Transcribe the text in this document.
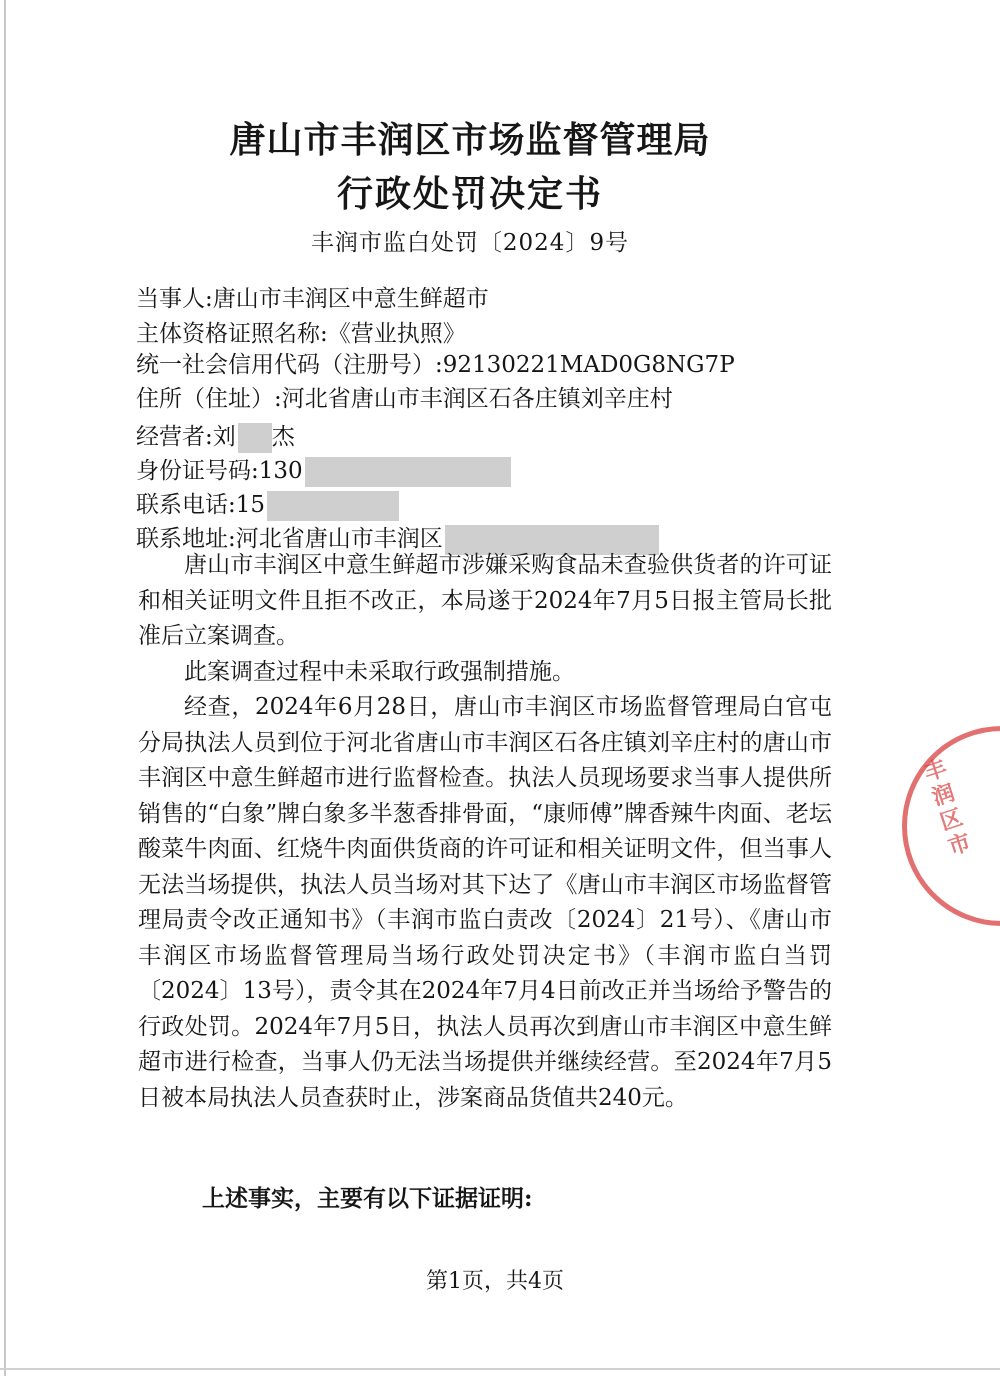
唐山市丰润区市场监督管理局
行政处罚决定书
丰润市监白处罚〔2024〕9号
当事人:唐山市丰润区中意生鲜超市
主体资格证照名称:《营业执照》
统一社会信用代码（注册号）:92130221MAD0G8NG7P
住所（住址）:河北省唐山市丰润区石各庄镇刘辛庄村
经营者:刘 杰
身份证号码:130
联系电话:15
联系地址:河北省唐山市丰润区

唐山市丰润区中意生鲜超市涉嫌采购食品未查验供货者的许可证和相关证明文件且拒不改正，本局遂于2024年7月5日报主管局长批准后立案调查。

此案调查过程中未采取行政强制措施。

经查，2024年6月28日，唐山市丰润区市场监督管理局白官屯分局执法人员到位于河北省唐山市丰润区石各庄镇刘辛庄村的唐山市丰润区中意生鲜超市进行监督检查。执法人员现场要求当事人提供所销售的“白象”牌白象多半葱香排骨面，“康师傅”牌香辣牛肉面、老坛酸菜牛肉面、红烧牛肉面供货商的许可证和相关证明文件，但当事人无法当场提供，执法人员当场对其下达了《唐山市丰润区市场监督管理局责令改正通知书》（丰润市监白责改〔2024〕21号）、《唐山市丰润区市场监督管理局当场行政处罚决定书》（丰润市监白当罚〔2024〕13号），责令其在2024年7月4日前改正并当场给予警告的行政处罚。2024年7月5日，执法人员再次到唐山市丰润区中意生鲜超市进行检查，当事人仍无法当场提供并继续经营。至2024年7月5日被本局执法人员查获时止，涉案商品货值共240元。

上述事实，主要有以下证据证明:
第1页，共4页
丰润区市
